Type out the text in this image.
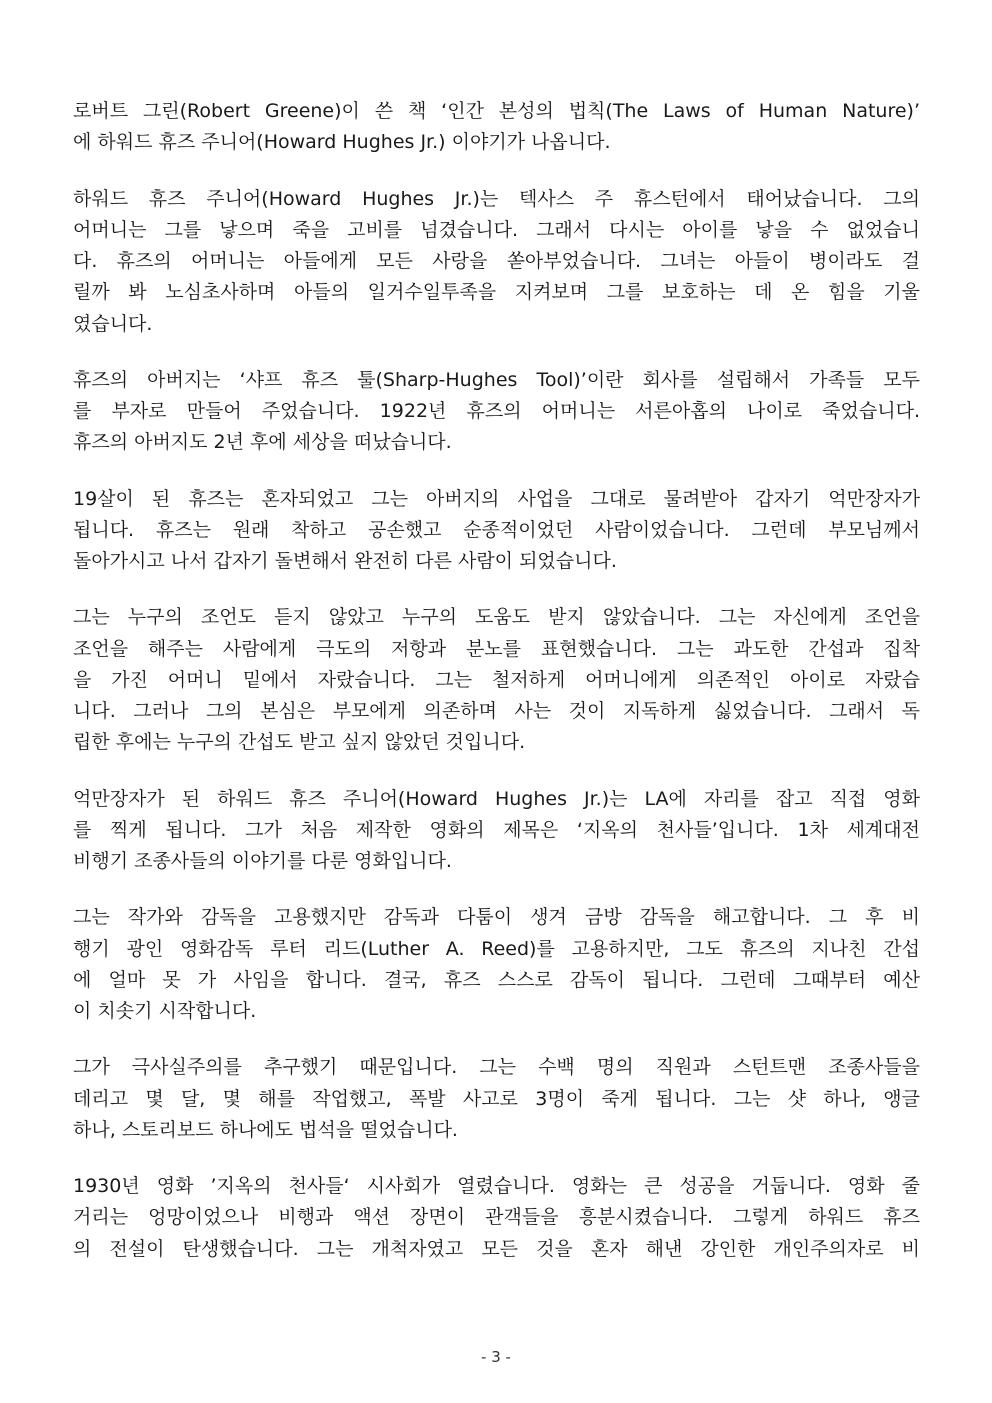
로버트 그린(Robert Greene)이 쓴 책 ‘인간 본성의 법칙(The Laws of Human Nature)’
에 하워드 휴즈 주니어(Howard Hughes Jr.) 이야기가 나옵니다.
하워드 휴즈 주니어(Howard Hughes Jr.)는 텍사스 주 휴스턴에서 태어났습니다. 그의
어머니는 그를 낳으며 죽을 고비를 넘겼습니다. 그래서 다시는 아이를 낳을 수 없었습니
다. 휴즈의 어머니는 아들에게 모든 사랑을 쏟아부었습니다. 그녀는 아들이 병이라도 걸
릴까 봐 노심초사하며 아들의 일거수일투족을 지켜보며 그를 보호하는 데 온 힘을 기울
였습니다.
휴즈의 아버지는 ‘샤프 휴즈 툴(Sharp-Hughes Tool)’이란 회사를 설립해서 가족들 모두
를 부자로 만들어 주었습니다. 1922년 휴즈의 어머니는 서른아홉의 나이로 죽었습니다.
휴즈의 아버지도 2년 후에 세상을 떠났습니다.
19살이 된 휴즈는 혼자되었고 그는 아버지의 사업을 그대로 물려받아 갑자기 억만장자가
됩니다. 휴즈는 원래 착하고 공손했고 순종적이었던 사람이었습니다. 그런데 부모님께서
돌아가시고 나서 갑자기 돌변해서 완전히 다른 사람이 되었습니다.
그는 누구의 조언도 듣지 않았고 누구의 도움도 받지 않았습니다. 그는 자신에게 조언을
조언을 해주는 사람에게 극도의 저항과 분노를 표현했습니다. 그는 과도한 간섭과 집착
을 가진 어머니 밑에서 자랐습니다. 그는 철저하게 어머니에게 의존적인 아이로 자랐습
니다. 그러나 그의 본심은 부모에게 의존하며 사는 것이 지독하게 싫었습니다. 그래서 독
립한 후에는 누구의 간섭도 받고 싶지 않았던 것입니다.
억만장자가 된 하워드 휴즈 주니어(Howard Hughes Jr.)는 LA에 자리를 잡고 직접 영화
를 찍게 됩니다. 그가 처음 제작한 영화의 제목은 ‘지옥의 천사들’입니다. 1차 세계대전
비행기 조종사들의 이야기를 다룬 영화입니다.
그는 작가와 감독을 고용했지만 감독과 다툼이 생겨 금방 감독을 해고합니다. 그 후 비
행기 광인 영화감독 루터 리드(Luther A. Reed)를 고용하지만, 그도 휴즈의 지나친 간섭
에 얼마 못 가 사임을 합니다. 결국, 휴즈 스스로 감독이 됩니다. 그런데 그때부터 예산
이 치솟기 시작합니다.
그가 극사실주의를 추구했기 때문입니다. 그는 수백 명의 직원과 스턴트맨 조종사들을
데리고 몇 달, 몇 해를 작업했고, 폭발 사고로 3명이 죽게 됩니다. 그는 샷 하나, 앵글
하나, 스토리보드 하나에도 법석을 떨었습니다.
1930년 영화 ’지옥의 천사들‘ 시사회가 열렸습니다. 영화는 큰 성공을 거둡니다. 영화 줄
거리는 엉망이었으나 비행과 액션 장면이 관객들을 흥분시켰습니다. 그렇게 하워드 휴즈
의 전설이 탄생했습니다. 그는 개척자였고 모든 것을 혼자 해낸 강인한 개인주의자로 비
- 3 -
